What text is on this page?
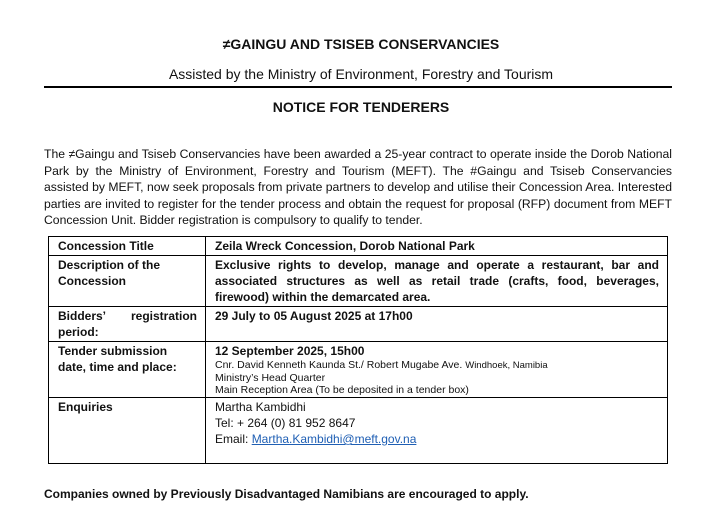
≠GAINGU AND TSISEB CONSERVANCIES
Assisted by the Ministry of Environment, Forestry and Tourism
NOTICE FOR TENDERERS
The ≠Gaingu and Tsiseb Conservancies have been awarded a 25-year contract to operate inside the Dorob National Park by the Ministry of Environment, Forestry and Tourism (MEFT). The #Gaingu and Tsiseb Conservancies assisted by MEFT, now seek proposals from private partners to develop and utilise their Concession Area. Interested parties are invited to register for the tender process and obtain the request for proposal (RFP) document from MEFT Concession Unit. Bidder registration is compulsory to qualify to tender.
Concession Title	Zeila Wreck Concession, Dorob National Park
Description of the Concession	Exclusive rights to develop, manage and operate a restaurant, bar and associated structures as well as retail trade (crafts, food, beverages, firewood) within the demarcated area.
Bidders’ registration period:	29 July to 05 August 2025 at 17h00
Tender submission date, time and place:	12 September 2025, 15h00
Cnr. David Kenneth Kaunda St./ Robert Mugabe Ave. Windhoek, Namibia
Ministry’s Head Quarter
Main Reception Area (To be deposited in a tender box)

Enquiries	Martha Kambidhi
Tel: + 264 (0) 81 952 8647
Email: Martha.Kambidhi@meft.gov.na
Companies owned by Previously Disadvantaged Namibians are encouraged to apply.
